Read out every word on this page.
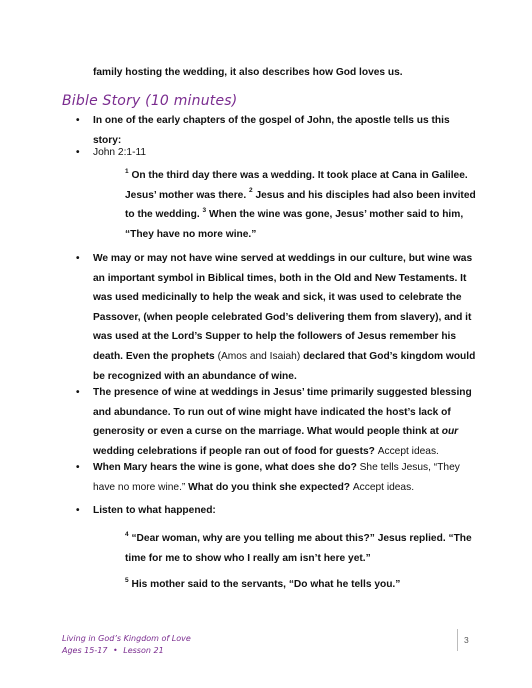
family hosting the wedding, it also describes how God loves us.
Bible Story (10 minutes)
• In one of the early chapters of the gospel of John, the apostle tells us this story:
• John 2:1-11
$^1$ On the third day there was a wedding. It took place at Cana in Galilee. Jesus’ mother was there. $^2$ Jesus and his disciples had also been invited to the wedding. $^3$ When the wine was gone, Jesus’ mother said to him, “They have no more wine.”
• We may or may not have wine served at weddings in our culture, but wine was an important symbol in Biblical times, both in the Old and New Testaments. It was used medicinally to help the weak and sick, it was used to celebrate the Passover, (when people celebrated God’s delivering them from slavery), and it was used at the Lord’s Supper to help the followers of Jesus remember his death. Even the prophets (Amos and Isaiah) declared that God’s kingdom would be recognized with an abundance of wine.
• The presence of wine at weddings in Jesus’ time primarily suggested blessing and abundance. To run out of wine might have indicated the host’s lack of generosity or even a curse on the marriage. What would people think at our wedding celebrations if people ran out of food for guests? Accept ideas.
• When Mary hears the wine is gone, what does she do? She tells Jesus, “They have no more wine.” What do you think she expected? Accept ideas.
• Listen to what happened:
$^4$ “Dear woman, why are you telling me about this?” Jesus replied. “The time for me to show who I really am isn’t here yet.”
$^5$ His mother said to the servants, “Do what he tells you.”
Living in God’s Kingdom of Love
Ages 15-17 • Lesson 21
3
